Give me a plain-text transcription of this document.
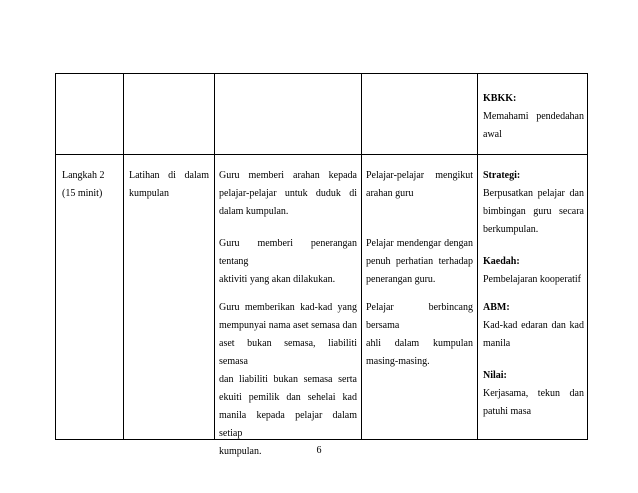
KBKK:
Memahami pendedahan
awal
Langkah 2
(15 minit)
Latihan di dalam
kumpulan
Guru memberi arahan kepada
pelajar-pelajar untuk duduk di
dalam kumpulan.
Guru memberi penerangan tentang
aktiviti yang akan dilakukan.
Guru memberikan kad-kad yang
mempunyai nama aset semasa dan
aset bukan semasa, liabiliti semasa
dan liabiliti bukan semasa serta
ekuiti pemilik dan sehelai kad
manila kepada pelajar dalam setiap
kumpulan.
Pelajar-pelajar mengikut
arahan guru
Pelajar mendengar dengan
penuh perhatian terhadap
penerangan guru.
Pelajar berbincang bersama
ahli dalam kumpulan
masing-masing.
Strategi:
Berpusatkan pelajar dan
bimbingan guru secara
berkumpulan.
Kaedah:
Pembelajaran kooperatif
ABM:
Kad-kad edaran dan kad
manila
Nilai:
Kerjasama, tekun dan
patuhi masa
6
